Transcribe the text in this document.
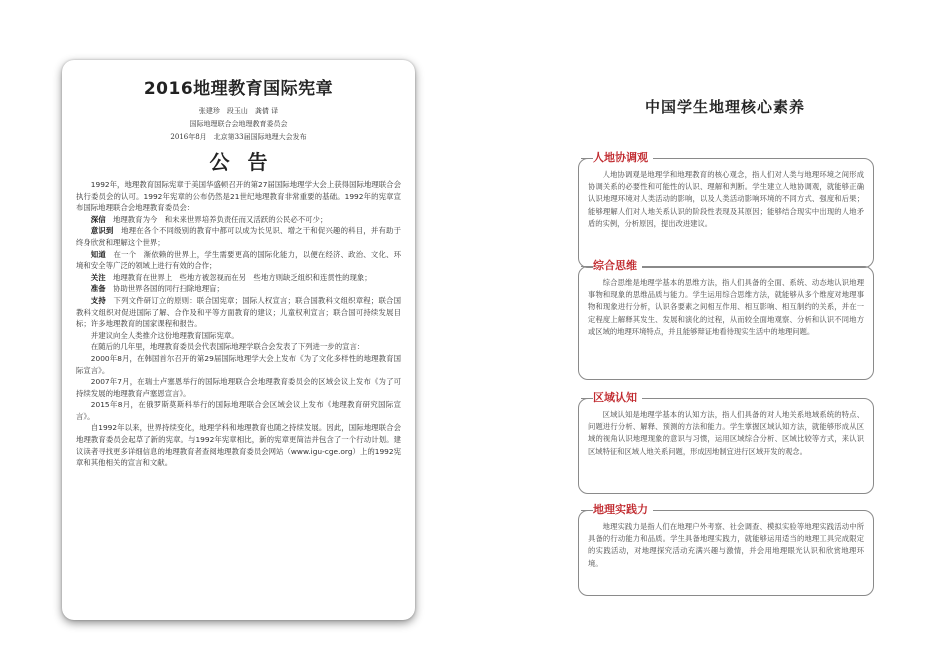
2016地理教育国际宪章
张建珍　段玉山　龚倩 译
国际地理联合会地理教育委员会
2016年8月　北京第33届国际地理大会发布
公告

1992年，地理教育国际宪章于美国华盛顿召开的第27届国际地理学大会上获得国际地理联合会执行委员会的认可。1992年宪章的公布仍然是21世纪地理教育非常重要的基础。1992年的宪章宣布国际地理联合会地理教育委员会：

深信　 地理教育为今　和未来世界培养负责任而又活跃的公民必不可少；

意识到　 地理在各个不同级别的教育中都可以成为长见识、增之干和促兴趣的科目，并有助于终身欣赏和理解这个世界；

知道　 在一个　渐依赖的世界上，学生需要更高的国际化能力，以便在经济、政治、文化、环境和安全等广泛的领域上进行有效的合作；

关注　 地理教育在世界上　些地方被忽视而在另　些地方则缺乏组织和连贯性的现象；

准备　 协助世界各国的同行扫除地理盲；

支持　 下列文件研订立的原则：联合国宪章；国际人权宣言；联合国教科文组织章程；联合国教科文组织对促进国际了解、合作及和平等方面教育的建议；儿童权利宣言；联合国可持续发展目标；许多地理教育的国家课程和报告。

并建议向全人类推介这份地理教育国际宪章。

在随后的几年里，地理教育委员会代表国际地理学联合会发表了下列进一步的宣言：

2000年8月，在韩国首尔召开的第29届国际地理学大会上发布《为了文化多样性的地理教育国际宣言》。

2007年7月，在瑞士卢塞恩举行的国际地理联合会地理教育委员会的区域会议上发布《为了可持续发展的地理教育卢塞恩宣言》。

2015年8月，在俄罗斯莫斯科举行的国际地理联合会区域会议上发布《地理教育研究国际宣言》。

自1992年以来，世界持续变化，地理学科和地理教育也随之持续发展。因此，国际地理联合会地理教育委员会起草了新的宪章。与1992年宪章相比，新的宪章更简洁并包含了一个行动计划。建议读者寻找更多详细信息的地理教育者查阅地理教育委员会网站（www.igu-cge.org）上的1992宪章和其他相关的宣言和文献。

中国学生地理核心素养
人地协调观

人地协调观是地理学和地理教育的核心观念，指人们对人类与地理环境之间形成协调关系的必要性和可能性的认识、理解和判断。学生建立人地协调观，就能够正确认识地理环境对人类活动的影响，以及人类活动影响环境的不同方式、强度和后果；能够理解人们对人地关系认识的阶段性表现及其原因；能够结合现实中出现的人地矛盾的实例，分析原因，提出改进建议。

综合思维

综合思维是地理学基本的思维方法，指人们具备的全面、系统、动态地认识地理事物和现象的思维品质与能力。学生运用综合思维方法，就能够从多个维度对地理事物和现象进行分析，认识各要素之间相互作用、相互影响、相互制约的关系，并在一定程度上解释其发生、发展和演化的过程，从而较全面地观察、分析和认识不同地方或区域的地理环境特点，并且能够辩证地看待现实生活中的地理问题。

区域认知

区域认知是地理学基本的认知方法，指人们具备的对人地关系地域系统的特点、问题进行分析、解释、预测的方法和能力。学生掌握区域认知方法，就能够形成从区域的视角认识地理现象的意识与习惯，运用区域综合分析、区域比较等方式，来认识区域特征和区域人地关系问题，形成因地制宜进行区域开发的观念。

地理实践力

地理实践力是指人们在地理户外考察、社会调查、模拟实验等地理实践活动中所具备的行动能力和品质。学生具备地理实践力，就能够运用适当的地理工具完成限定的实践活动，对地理探究活动充满兴趣与激情，并会用地理眼光认识和欣赏地理环境。
